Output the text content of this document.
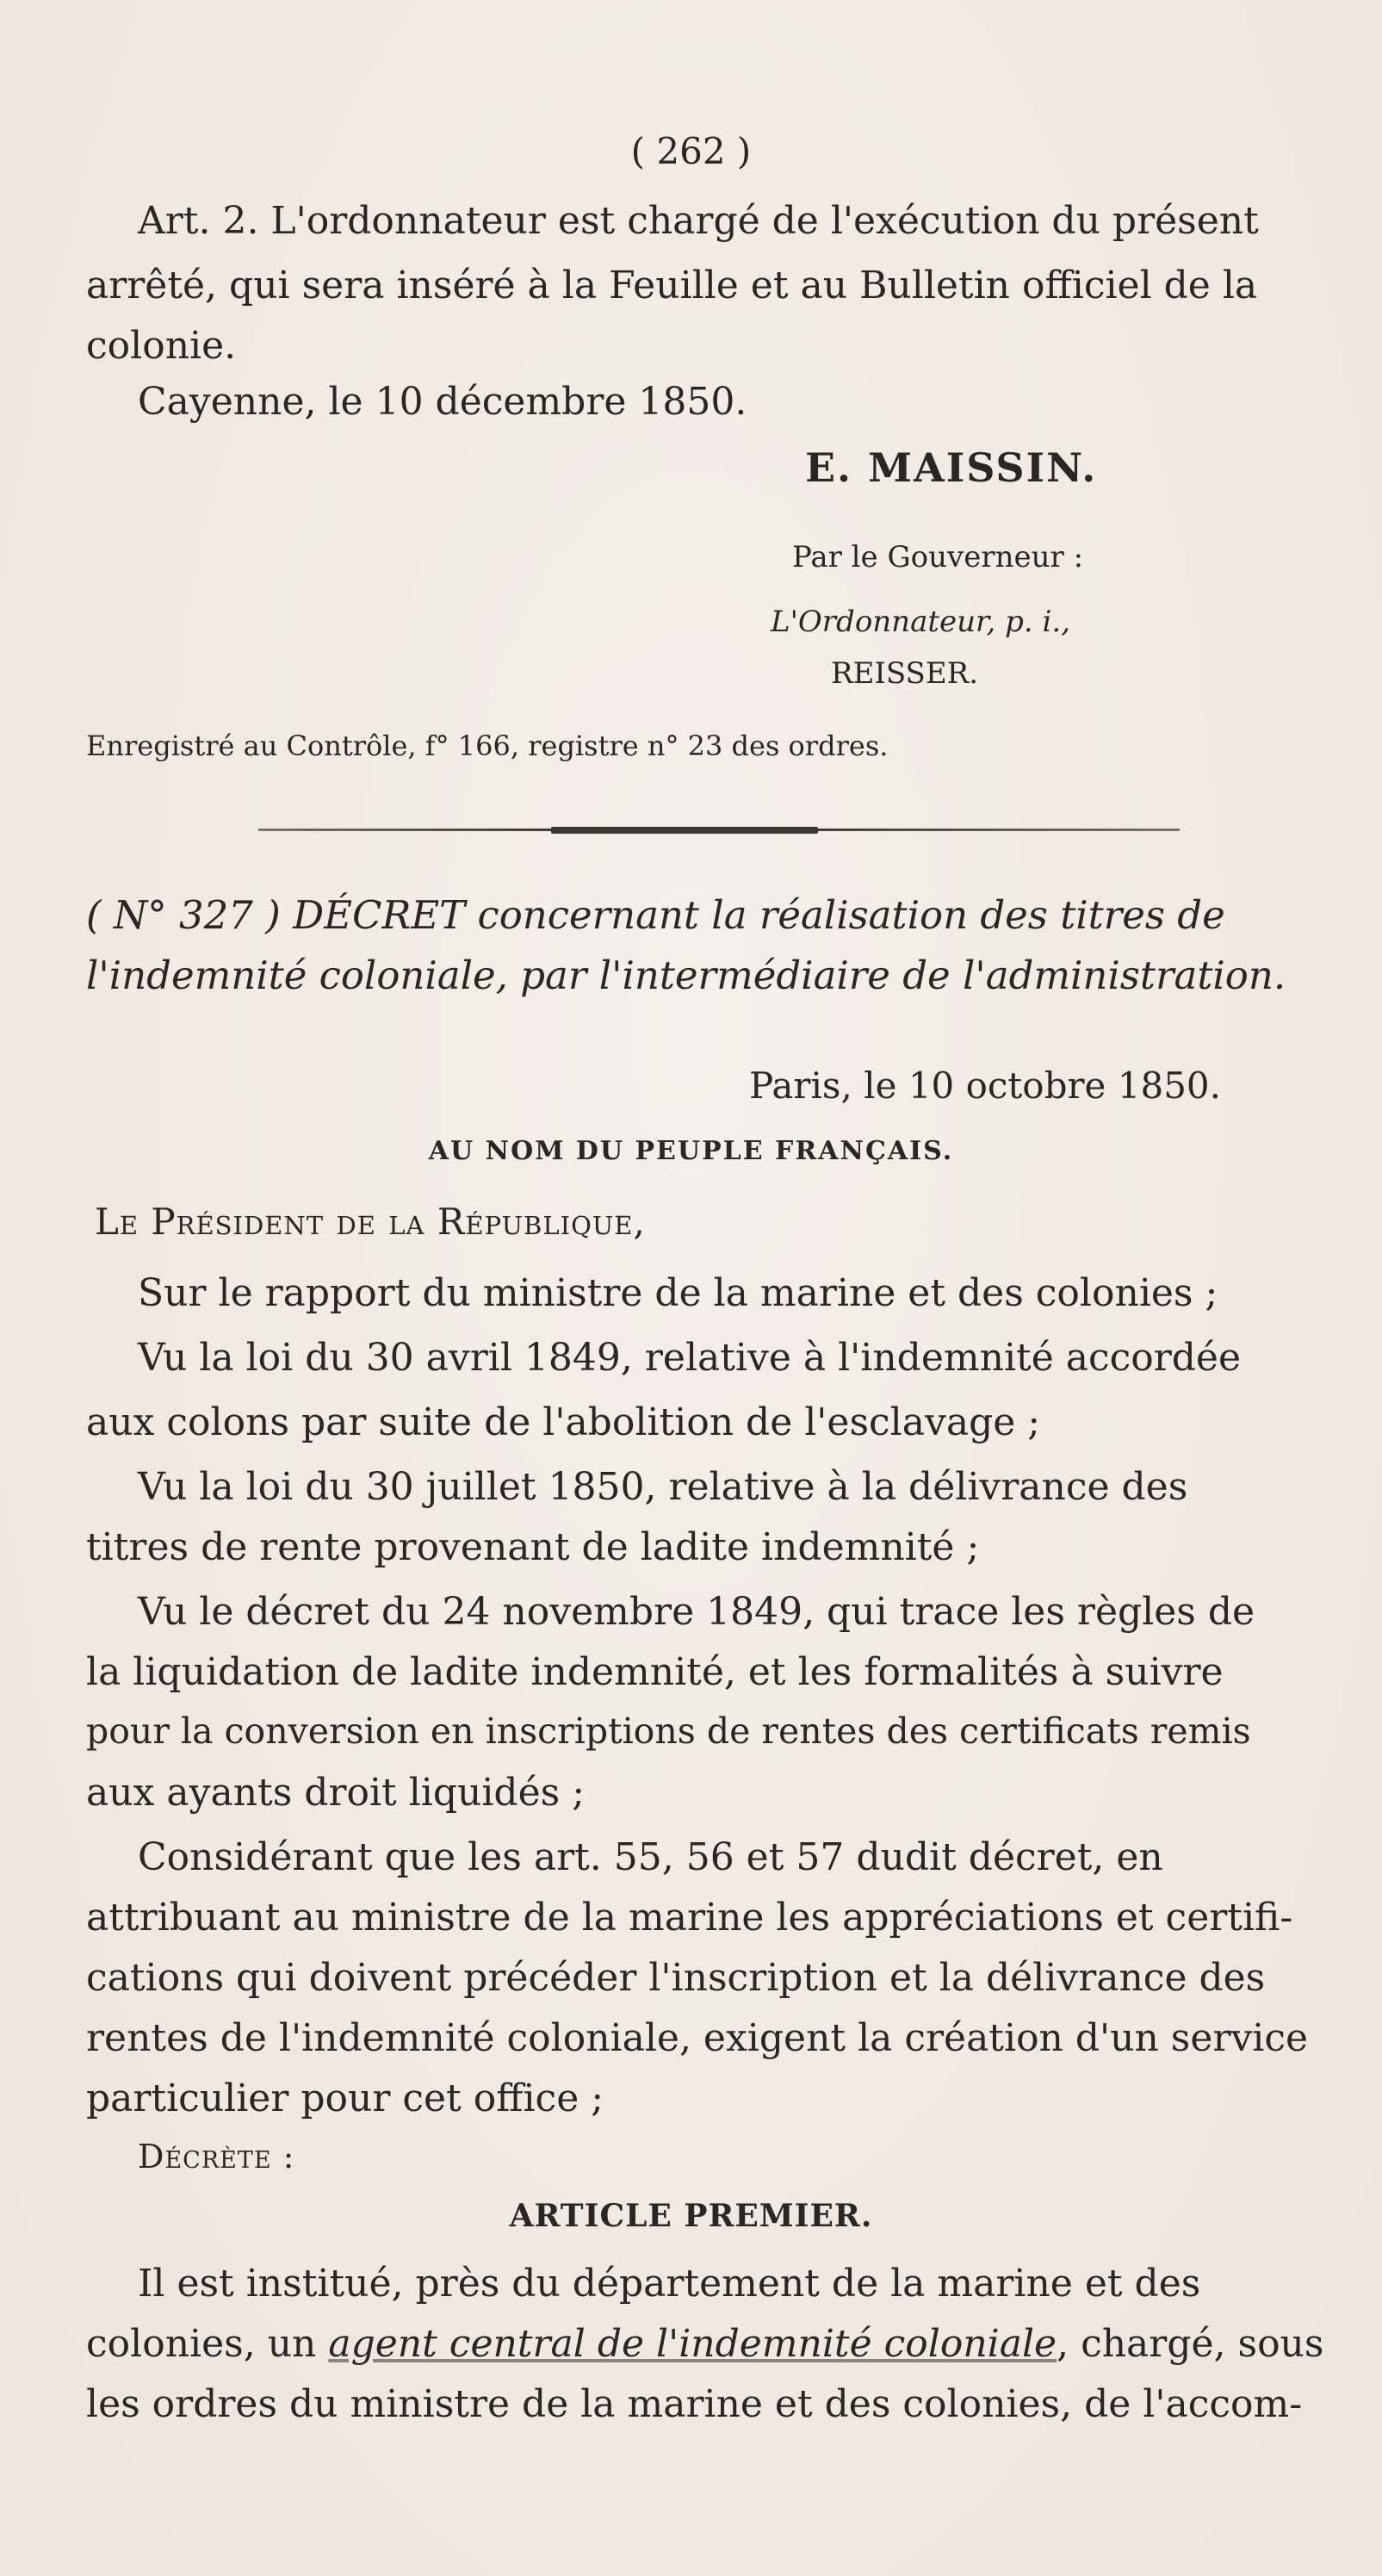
( 262 )
Art. 2. L'ordonnateur est chargé de l'exécution du présent
arrêté, qui sera inséré à la Feuille et au Bulletin officiel de la
colonie.
Cayenne, le 10 décembre 1850.
E. MAISSIN.
Par le Gouverneur :
L'Ordonnateur, p. i.,
REISSER.
Enregistré au Contrôle, f° 166, registre n° 23 des ordres.
( N° 327 ) DÉCRET concernant la réalisation des titres de
l'indemnité coloniale, par l'intermédiaire de l'administration.
Paris, le 10 octobre 1850.
AU NOM DU PEUPLE FRANÇAIS.
Le Président de la République,
Sur le rapport du ministre de la marine et des colonies ;
Vu la loi du 30 avril 1849, relative à l'indemnité accordée
aux colons par suite de l'abolition de l'esclavage ;
Vu la loi du 30 juillet 1850, relative à la délivrance des
titres de rente provenant de ladite indemnité ;
Vu le décret du 24 novembre 1849, qui trace les règles de
la liquidation de ladite indemnité, et les formalités à suivre
pour la conversion en inscriptions de rentes des certificats remis
aux ayants droit liquidés ;
Considérant que les art. 55, 56 et 57 dudit décret, en
attribuant au ministre de la marine les appréciations et certifi-
cations qui doivent précéder l'inscription et la délivrance des
rentes de l'indemnité coloniale, exigent la création d'un service
particulier pour cet office ;
Décrète :
ARTICLE PREMIER.
Il est institué, près du département de la marine et des
colonies, un agent central de l'indemnité coloniale, chargé, sous
les ordres du ministre de la marine et des colonies, de l'accom-
